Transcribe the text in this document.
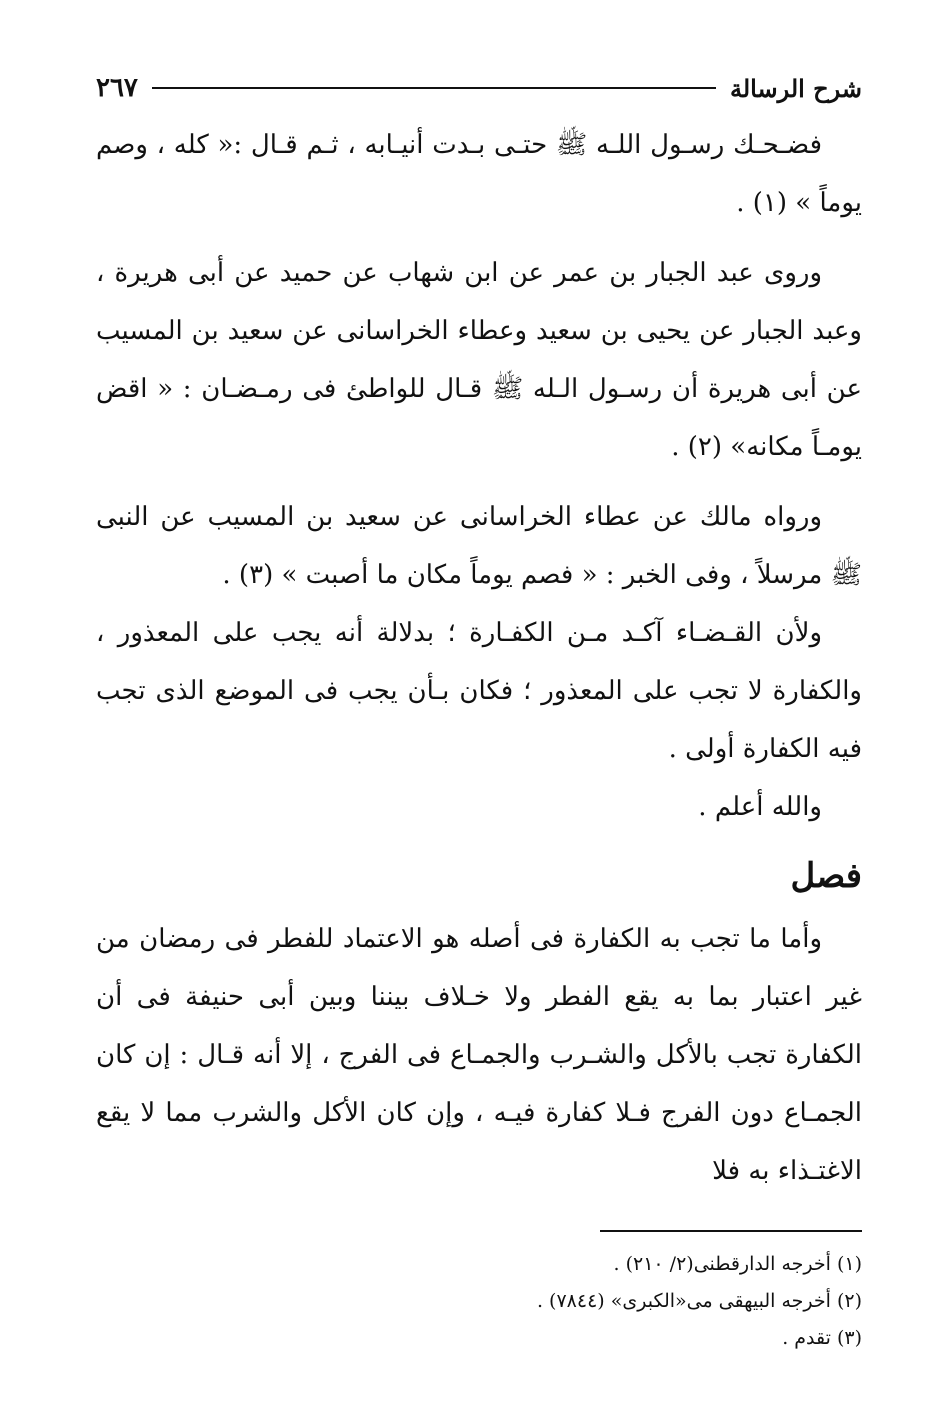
شرح الرسالة
٢٦٧

فضـحـك رسـول اللـه ﷺ حتـى بـدت أنيـابه ، ثـم قـال :« كله ، وصم يوماً » (١) .

وروى عبد الجبار بن عمر عن ابن شهاب عن حميد عن أبى هريرة ، وعبد الجبار عن يحيى بن سعيد وعطاء الخراسانى عن سعيد بن المسيب عن أبى هريرة أن رسـول الـله ﷺ قـال للواطئ فى رمـضـان : « اقض يومـاً مكانه» (٢) .

ورواه مالك عن عطاء الخراسانى عن سعيد بن المسيب عن النبى ﷺ مرسلاً ، وفى الخبر : « فصم يوماً مكان ما أصبت » (٣) .

ولأن القـضـاء آكـد مـن الكفـارة ؛ بدلالة أنه يجب على المعذور ، والكفارة لا تجب على المعذور ؛ فكان بـأن يجب فى الموضع الذى تجب فيه الكفارة أولى .

والله أعلم .

فصل

وأما ما تجب به الكفارة فى أصله هو الاعتماد للفطر فى رمضان من غير اعتبار بما به يقع الفطر ولا خـلاف بيننا وبين أبى حنيفة فى أن الكفارة تجب بالأكل والشـرب والجمـاع فى الفرج ، إلا أنه قـال : إن كان الجمـاع دون الفرج فـلا كفارة فيـه ، وإن كان الأكل والشرب مما لا يقع الاغتـذاء به فلا

(١) أخرجه الدارقطنى(٢/ ٢١٠) .
(٢) أخرجه البيهقى مى«الكبرى» (٧٨٤٤) .
(٣) تقدم .
